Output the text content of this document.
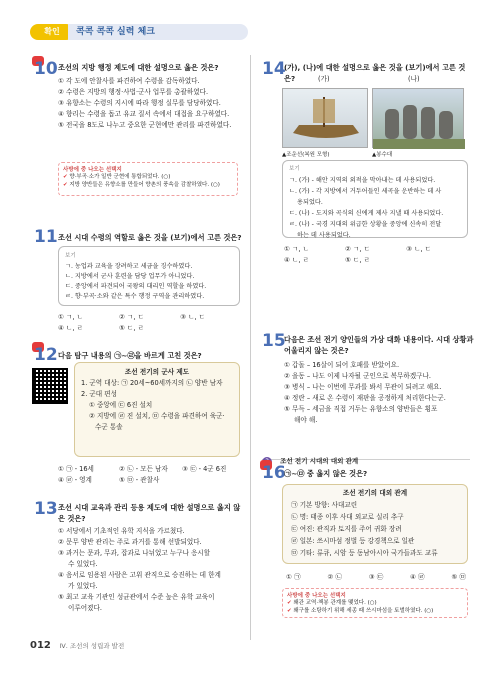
확인	콕콕 콕콕 실력 체크
10 조선의 지방 행정 제도에 대한 설명으로 옳은 것은?
① 각 도에 안찰사를 파견하여 수령을 감독하였다.
② 수령은 지방의 행정·사법·군사 업무를 총괄하였다.
③ 유향소는 수령의 지시에 따라 행정 실무를 담당하였다.
④ 향리는 수령을 돕고 유교 질서 속에서 대접을 요구하였다.
⑤ 전국을 8도로 나누고 중요한 군현에만 관리를 파견하였다.
사방에 중 나오는 선택지
✔ 향·부곡·소가 일반 군현에 통합되었다. (○)
✔ 지방 양반들은 유향소를 만들어 향촌의 풍속을 감찰하였다. (○)
11 조선 시대 수령의 역할로 옳은 것을 (보기)에서 고른 것은?
보기
ㄱ. 농업과 교육을 장려하고 세금을 징수하였다.
ㄴ. 지방에서 군사 훈련을 담당 업무가 아니었다.
ㄷ. 중앙에서 파견되어 국왕의 대리인 역할을 하였다.
ㄹ. 향·부곡·소와 같은 특수 행정 구역을 관리하였다.
① ㄱ, ㄴ	② ㄱ, ㄷ	③ ㄴ, ㄷ
④ ㄴ, ㄹ	⑤ ㄷ, ㄹ
12 다음 탐구 내용의 ㉠~㉣을 바르게 고친 것은?
조선 전기의 군사 제도
1. 군역 대상: ㉠ 20세~60세까지의 ㉡ 양반 남자
2. 군대 편성
① 중앙에 ㉢ 6진 설치
② 지방에 ㉣ 진 설치, ㉤ 수령을 파견하여 육군·
수군 통솔
① ㉠ - 16세	② ㉡ - 모든 남자	③ ㉢ - 4군 6진
④ ㉣ - 영계	⑤ ㉤ - 관찰사
13 조선 시대 교육과 관리 등용 제도에 대한 설명으로 옳지 않은 것은?
① 서당에서 기초적인 유학 지식을 가르쳤다.
② 문무 양반 관리는 주로 과거를 통해 선발되었다.
③ 과거는 문과, 무과, 잡과로 나뉘었고 누구나 응시할
수 있었다.
④ 음서로 임용된 사람은 고위 관직으로 승진하는 데 한계
가 있었다.
⑤ 최고 교육 기관인 성균관에서 수준 높은 유학 교육이
이루어졌다.
14
(가), (나)에 대한 설명으로 옳은 것을 (보기)에서 고른 것은?	(가)	(나)
▲조운선(복원 모형)	▲봉수대
보기
ㄱ. (가) - 해안 지역의 외적을 막아내는 데 사용되었다.
ㄴ. (가) - 각 지방에서 거두어들인 세곡을 운반하는 데 사
용되었다.
ㄷ. (나) - 도지와 곡식의 신에게 제사 지낼 때 사용되었다.
ㄹ. (나) - 국경 지대의 위급한 상황을 중앙에 신속히 전달
하는 데 사용되었다.
① ㄱ, ㄴ	② ㄱ, ㄷ	③ ㄴ, ㄷ
④ ㄴ, ㄹ	⑤ ㄷ, ㄹ
15
다음은 조선 전기 양인들의 가상 대화 내용이다. 시대 상황과
어울리지 않는 것은?
① 갑돌 – 16살이 되어 호패를 받았어요.
② 을동 – 나도 이제 나자될 군인으로 복무하겠구나.
③ 병식 – 나는 이번에 무과를 봐서 무관이 되려고 해요.
④ 정란 – 새로 온 수령이 재판을 공정하게 처리한다는군.
⑤ 무득 – 세금을 직접 거두는 유향소의 양반들은 횡포
해야 해.
조선 전기 시대의 대외 관계
16
㉠~㉤ 중 옳지 않은 것은?
조선 전기의 대외 관계
㉠ 기본 방향: 사대교린
㉡ 명: 태종 이후 사대 외교로 실리 추구
㉢ 여진: 관직과 토지를 주어 귀화 장려
㉣ 일본: 쓰시마섬 정벌 등 강경책으로 일관
㉤ 기타: 류큐, 시암 등 동남아시아 국가들과도 교류
① ㉠	② ㉡	③ ㉢	④ ㉣	⑤ ㉤
사방에 중 나오는 선택지
✔ 왜관 교역·책봉 관계를 맺었다. (○)
✔ 왜구를 소탕하기 위해 세종 때 쓰시마섬을 토벌하였다. (○)
012 Ⅳ. 조선의 성립과 발전
